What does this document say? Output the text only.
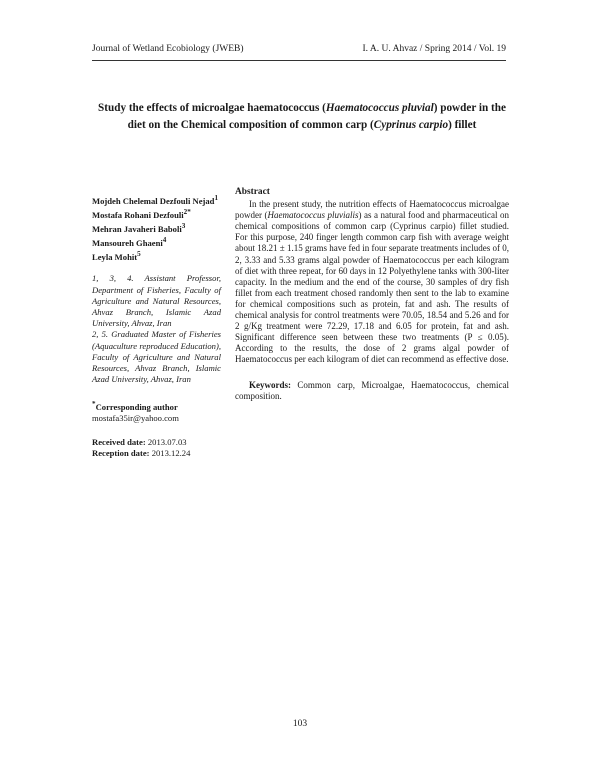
Journal of Wetland Ecobiology (JWEB)	I. A. U. Ahvaz / Spring 2014 / Vol. 19
Study the effects of microalgae haematococcus (Haematococcus pluvial) powder in the diet on the Chemical composition of common carp (Cyprinus carpio) fillet

Mojdeh Chelemal Dezfouli Nejad$^1$

Mostafa Rohani Dezfouli$^{2*}$

Mehran Javaheri Baboli$^3$

Mansoureh Ghaeni$^4$

Leyla Mohit$^5$

1, 3, 4. Assistant Professor, Department of Fisheries, Faculty of Agriculture and Natural Resources, Ahvaz Branch, Islamic Azad University, Ahvaz, Iran

2, 5. Graduated Master of Fisheries (Aquaculture reproduced Education), Faculty of Agriculture and Natural Resources, Ahvaz Branch, Islamic Azad University, Ahvaz, Iran

*Corresponding author
mostafa35ir@yahoo.com

Received date: 2013.07.03

Reception date: 2013.12.24

Abstract

In the present study, the nutrition effects of Haematococcus microalgae powder (Haematococcus pluvialis) as a natural food and pharmaceutical on chemical compositions of common carp (Cyprinus carpio) fillet studied. For this purpose, 240 finger length common carp fish with average weight about 18.21 ± 1.15 grams have fed in four separate treatments includes of 0, 2, 3.33 and 5.33 grams algal powder of Haematococcus per each kilogram of diet with three repeat, for 60 days in 12 Polyethylene tanks with 300-liter capacity. In the medium and the end of the course, 30 samples of dry fish fillet from each treatment chosed randomly then sent to the lab to examine for chemical compositions such as protein, fat and ash. The results of chemical analysis for control treatments were 70.05, 18.54 and 5.26 and for 2 g/Kg treatment were 72.29, 17.18 and 6.05 for protein, fat and ash. Significant difference seen between these two treatments (P ≤ 0.05). According to the results, the dose of 2 grams algal powder of Haematococcus per each kilogram of diet can recommend as effective dose.

Keywords: Common carp, Microalgae, Haematococcus, chemical composition.

103
